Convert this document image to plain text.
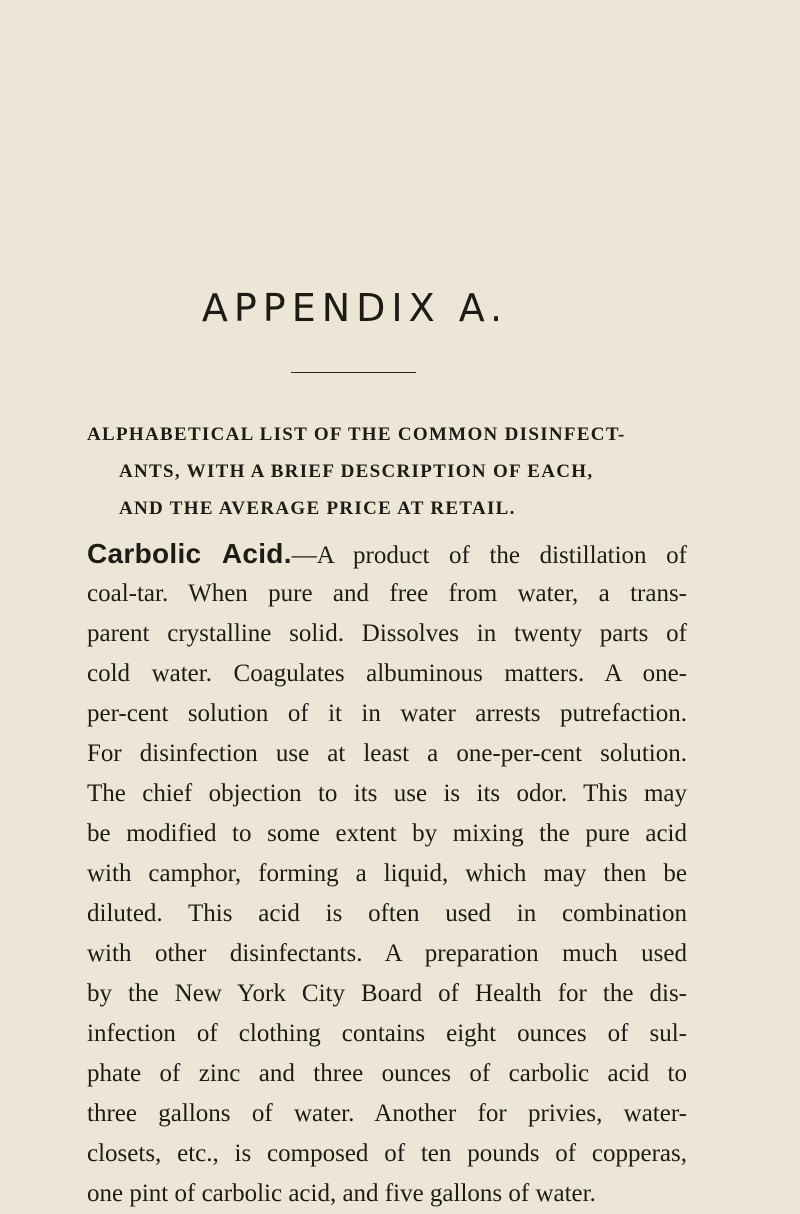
APPENDIX A.
ALPHABETICAL LIST OF THE COMMON DISINFECT-
ANTS, WITH A BRIEF DESCRIPTION OF EACH,
AND THE AVERAGE PRICE AT RETAIL.
Carbolic Acid.—A product of the distillation of
coal-tar. When pure and free from water, a trans-
parent crystalline solid. Dissolves in twenty parts of
cold water. Coagulates albuminous matters. A one-
per-cent solution of it in water arrests putrefaction.
For disinfection use at least a one-per-cent solution.
The chief objection to its use is its odor. This may
be modified to some extent by mixing the pure acid
with camphor, forming a liquid, which may then be
diluted. This acid is often used in combination
with other disinfectants. A preparation much used
by the New York City Board of Health for the dis-
infection of clothing contains eight ounces of sul-
phate of zinc and three ounces of carbolic acid to
three gallons of water. Another for privies, water-
closets, etc., is composed of ten pounds of copperas,
one pint of carbolic acid, and five gallons of water.
